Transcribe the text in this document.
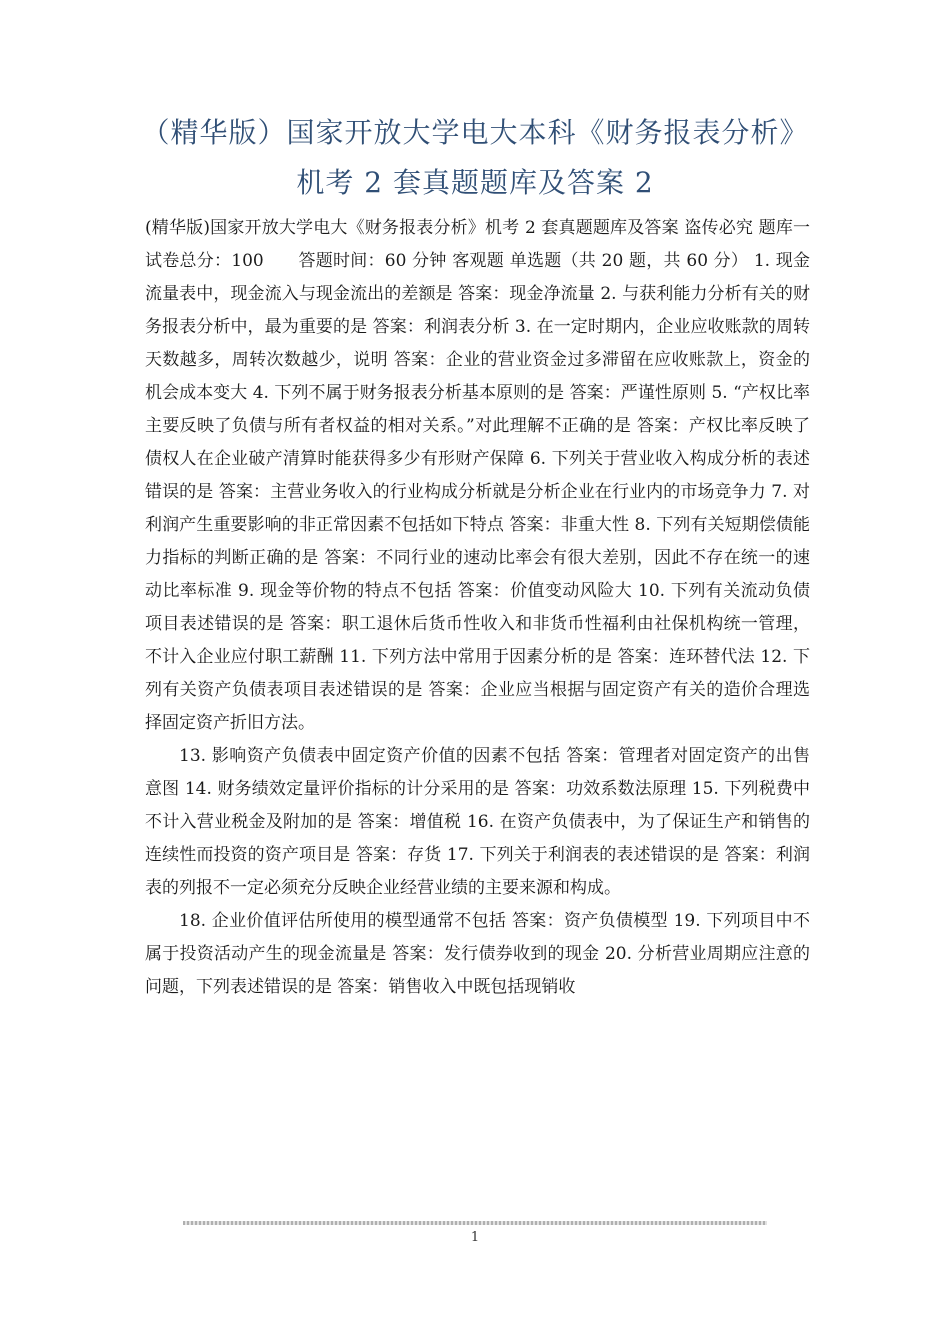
（精华版）国家开放大学电大本科《财务报表分析》
机考 2 套真题题库及答案 2

(精华版)国家开放大学电大《财务报表分析》机考 2 套真题题库及答案 盗传必究 题库一 试卷总分：100　　答题时间：60 分钟 客观题 单选题（共 20 题，共 60 分） 1. 现金流量表中，现金流入与现金流出的差额是 答案：现金净流量 2. 与获利能力分析有关的财务报表分析中，最为重要的是 答案：利润表分析 3. 在一定时期内，企业应收账款的周转天数越多，周转次数越少，说明 答案：企业的营业资金过多滞留在应收账款上，资金的机会成本变大 4. 下列不属于财务报表分析基本原则的是 答案：严谨性原则 5. “产权比率主要反映了负债与所有者权益的相对关系。”对此理解不正确的是 答案：产权比率反映了债权人在企业破产清算时能获得多少有形财产保障 6. 下列关于营业收入构成分析的表述错误的是 答案：主营业务收入的行业构成分析就是分析企业在行业内的市场竞争力 7. 对利润产生重要影响的非正常因素不包括如下特点 答案：非重大性 8. 下列有关短期偿债能力指标的判断正确的是 答案：不同行业的速动比率会有很大差别，因此不存在统一的速动比率标准 9. 现金等价物的特点不包括 答案：价值变动风险大 10. 下列有关流动负债项目表述错误的是 答案：职工退休后货币性收入和非货币性福利由社保机构统一管理，不计入企业应付职工薪酬 11. 下列方法中常用于因素分析的是 答案：连环替代法 12. 下列有关资产负债表项目表述错误的是 答案：企业应当根据与固定资产有关的造价合理选择固定资产折旧方法。

13. 影响资产负债表中固定资产价值的因素不包括 答案：管理者对固定资产的出售意图 14. 财务绩效定量评价指标的计分采用的是 答案：功效系数法原理 15. 下列税费中不计入营业税金及附加的是 答案：增值税 16. 在资产负债表中，为了保证生产和销售的连续性而投资的资产项目是 答案：存货 17. 下列关于利润表的表述错误的是 答案：利润表的列报不一定必须充分反映企业经营业绩的主要来源和构成。

18. 企业价值评估所使用的模型通常不包括 答案：资产负债模型 19. 下列项目中不属于投资活动产生的现金流量是 答案：发行债券收到的现金 20. 分析营业周期应注意的问题，下列表述错误的是 答案：销售收入中既包括现销收

1
